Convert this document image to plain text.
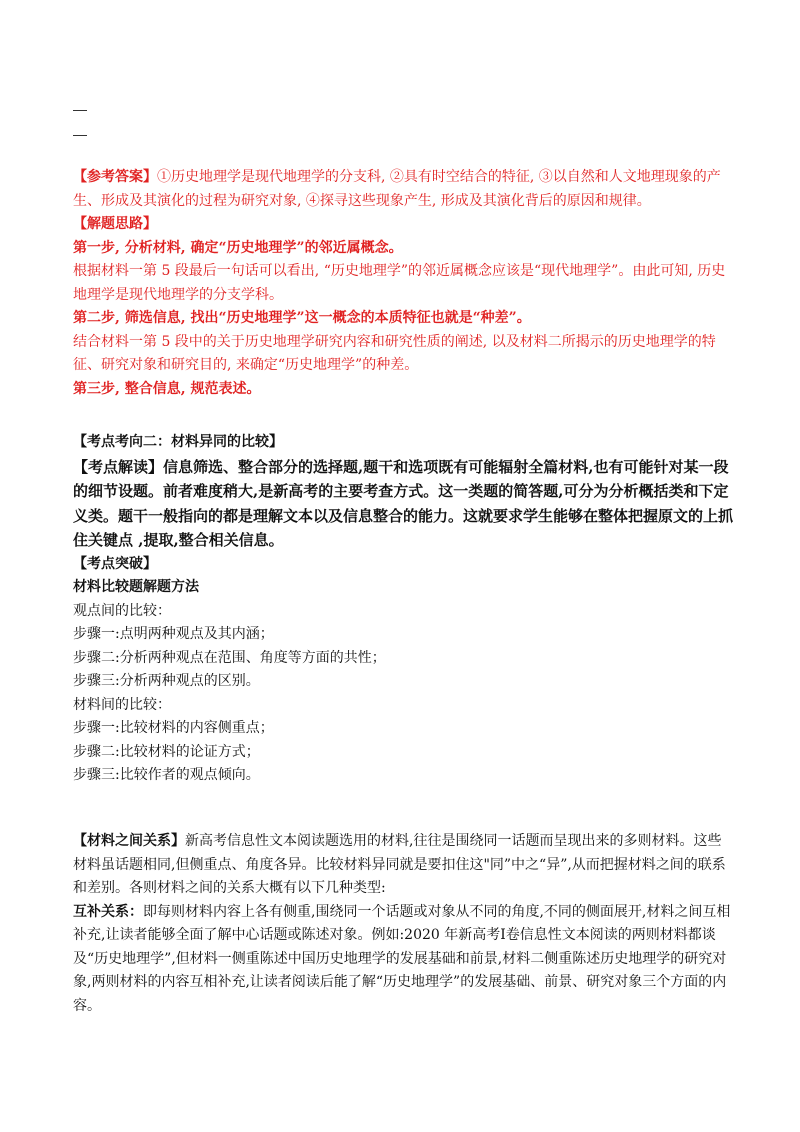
【参考答案】①历史地理学是现代地理学的分支科, ②具有时空结合的特征, ③以自然和人文地理现象的产生、形成及其演化的过程为研究对象, ④探寻这些现象产生, 形成及其演化背后的原因和规律。
【解题思路】
第一步, 分析材料, 确定“历史地理学”的邻近属概念。
根据材料一第 5 段最后一句话可以看出, “历史地理学”的邻近属概念应该是“现代地理学”。由此可知, 历史地理学是现代地理学的分支学科。
第二步, 筛选信息, 找出“历史地理学”这一概念的本质特征也就是“种差”。
结合材料一第 5 段中的关于历史地理学研究内容和研究性质的阐述, 以及材料二所揭示的历史地理学的特征、研究对象和研究目的, 来确定“历史地理学”的种差。
第三步, 整合信息, 规范表述。
【考点考向二：材料异同的比较】
【考点解读】信息筛选、整合部分的选择题,题干和选项既有可能辐射全篇材料,也有可能针对某一段的细节设题。前者难度稍大,是新高考的主要考查方式。这一类题的简答题,可分为分析概括类和下定义类。题干一般指向的都是理解文本以及信息整合的能力。这就要求学生能够在整体把握原文的上抓住关键点 ,提取,整合相关信息。
【考点突破】
材料比较题解题方法
观点间的比较：
步骤一:点明两种观点及其内涵；
步骤二:分析两种观点在范围、角度等方面的共性；
步骤三:分析两种观点的区别。
材料间的比较：
步骤一:比较材料的内容侧重点；
步骤二:比较材料的论证方式；
步骤三:比较作者的观点倾向。
【材料之间关系】新高考信息性文本阅读题选用的材料,往往是围绕同一话题而呈现出来的多则材料。这些材料虽话题相同,但侧重点、角度各异。比较材料异同就是要扣住这"同”中之“异”,从而把握材料之间的联系和差别。各则材料之间的关系大概有以下几种类型:
互补关系：即每则材料内容上各有侧重,围绕同一个话题或对象从不同的角度,不同的侧面展开,材料之间互相补充,让读者能够全面了解中心话题或陈述对象。例如:2020 年新高考Ⅰ卷信息性文本阅读的两则材料都谈及“历史地理学”,但材料一侧重陈述中国历史地理学的发展基础和前景,材料二侧重陈述历史地理学的研究对象,两则材料的内容互相补充,让读者阅读后能了解“历史地理学”的发展基础、前景、研究对象三个方面的内容。
